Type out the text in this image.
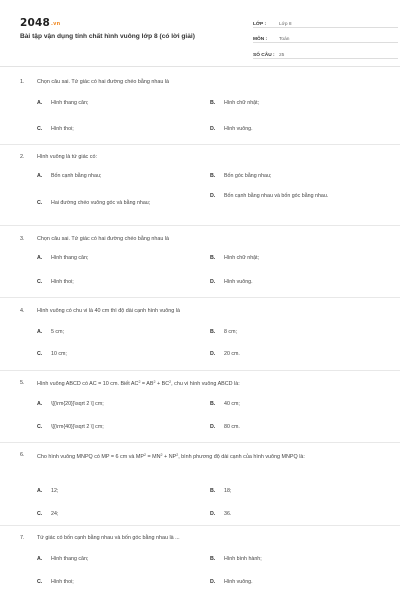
2048.vn
Bài tập vận dụng tính chất hình vuông lớp 8 (có lời giải)
LỚP :	Lớp 8
MÔN :	Toán
SỐ CÂU : 25
1.	Chọn câu sai. Tứ giác có hai đường chéo bằng nhau là
A.	Hình thang cân;	B.	Hình chữ nhật;
C.	Hình thoi;	D.	Hình vuông.
2.	Hình vuông là tứ giác có:
A.	Bốn cạnh bằng nhau;	B.	Bốn góc bằng nhau;
C.	Hai đường chéo vuông góc và bằng nhau;
D.	Bốn cạnh bằng nhau và bốn góc bằng nhau.
3.	Chọn câu sai. Tứ giác có hai đường chéo bằng nhau là
A.	Hình thang cân;	B.	Hình chữ nhật;
C.	Hình thoi;	D.	Hình vuông.
4.	Hình vuông có chu vi là 40 cm thì độ dài cạnh hình vuông là
A.	5 cm;	B.	8 cm;
C.	10 cm;	D.	20 cm.
5.	Hình vuông ABCD có AC = 10 cm. Biết $AC^2 = AB^2 + BC^2$, chu vi hình vuông ABCD là:
A.	\[{\rm{20}}\sqrt 2 \] cm;	B.	40 cm;
C.	\[{\rm{40}}\sqrt 2 \] cm;	D.	80 cm.
6.	Cho hình vuông MNPQ có MP = 6 cm và $MP^2 = MN^2 + NP^2$, bình phương độ dài cạnh của hình vuông MNPQ là:
A.	12;	B.	18;
C.	24;	D.	36.
7.	Tứ giác có bốn cạnh bằng nhau và bốn góc bằng nhau là ...
A.	Hình thang cân;	B.	Hình bình hành;
C.	Hình thoi;	D.	Hình vuông.
